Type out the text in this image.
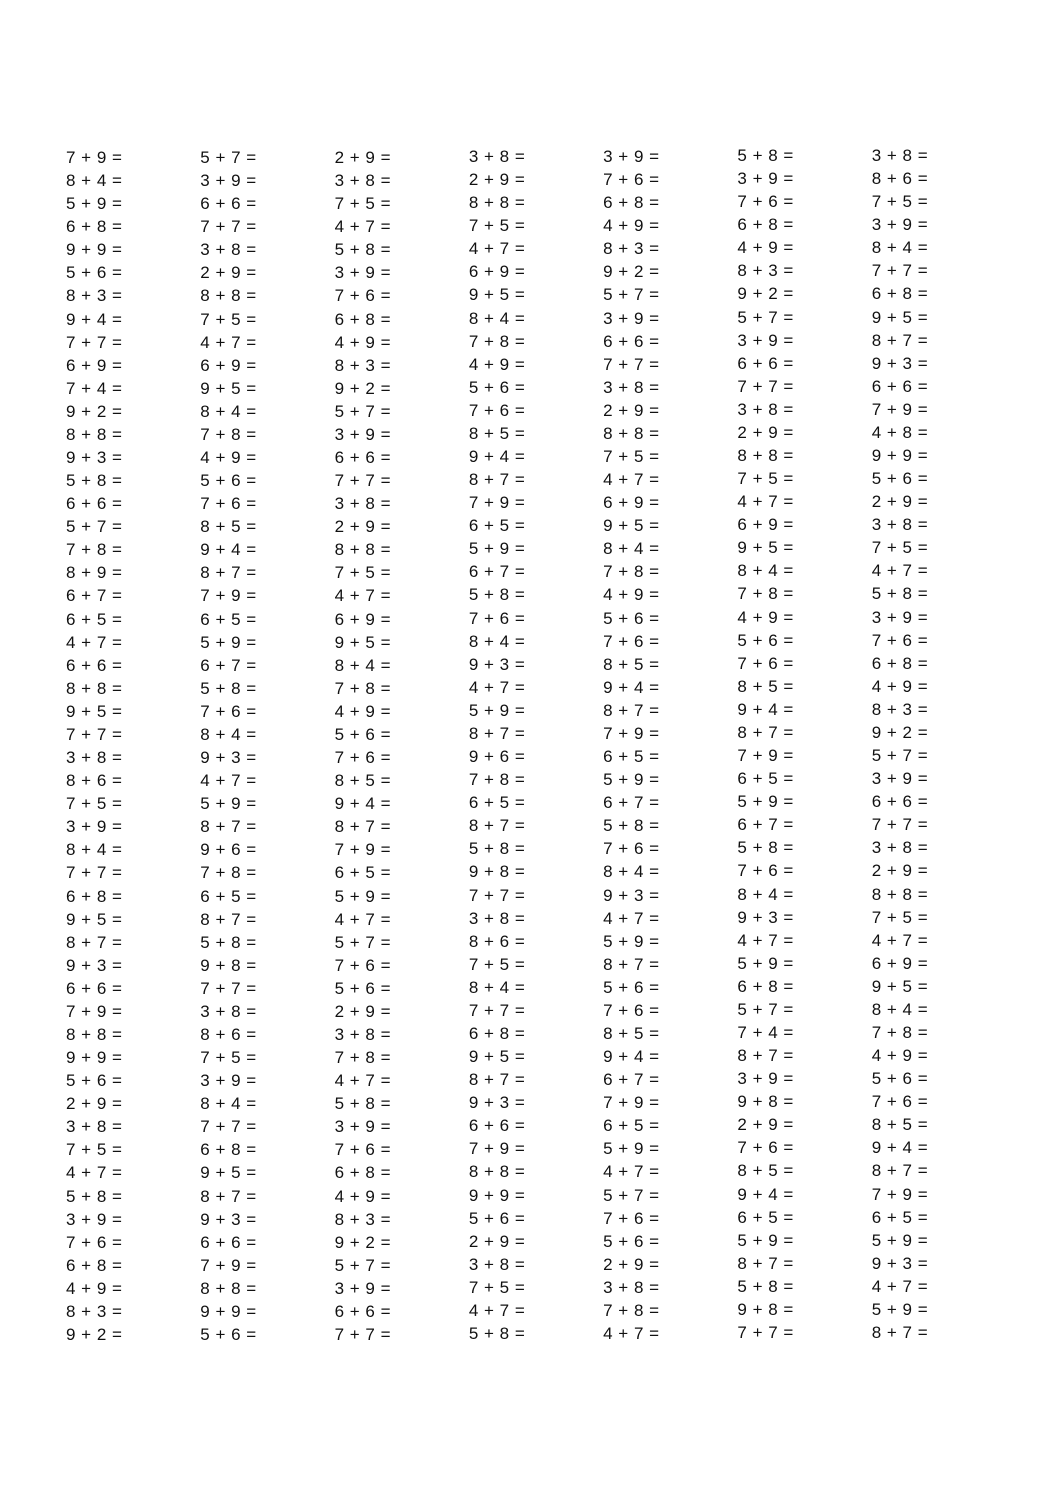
7 + 9 =
8 + 4 =
5 + 9 =
6 + 8 =
9 + 9 =
5 + 6 =
8 + 3 =
9 + 4 =
7 + 7 =
6 + 9 =
7 + 4 =
9 + 2 =
8 + 8 =
9 + 3 =
5 + 8 =
6 + 6 =
5 + 7 =
7 + 8 =
8 + 9 =
6 + 7 =
6 + 5 =
4 + 7 =
6 + 6 =
8 + 8 =
9 + 5 =
7 + 7 =
3 + 8 =
8 + 6 =
7 + 5 =
3 + 9 =
8 + 4 =
7 + 7 =
6 + 8 =
9 + 5 =
8 + 7 =
9 + 3 =
6 + 6 =
7 + 9 =
8 + 8 =
9 + 9 =
5 + 6 =
2 + 9 =
3 + 8 =
7 + 5 =
4 + 7 =
5 + 8 =
3 + 9 =
7 + 6 =
6 + 8 =
4 + 9 =
8 + 3 =
9 + 2 =
5 + 7 =
3 + 9 =
6 + 6 =
7 + 7 =
3 + 8 =
2 + 9 =
8 + 8 =
7 + 5 =
4 + 7 =
6 + 9 =
9 + 5 =
8 + 4 =
7 + 8 =
4 + 9 =
5 + 6 =
7 + 6 =
8 + 5 =
9 + 4 =
8 + 7 =
7 + 9 =
6 + 5 =
5 + 9 =
6 + 7 =
5 + 8 =
7 + 6 =
8 + 4 =
9 + 3 =
4 + 7 =
5 + 9 =
8 + 7 =
9 + 6 =
7 + 8 =
6 + 5 =
8 + 7 =
5 + 8 =
9 + 8 =
7 + 7 =
3 + 8 =
8 + 6 =
7 + 5 =
3 + 9 =
8 + 4 =
7 + 7 =
6 + 8 =
9 + 5 =
8 + 7 =
9 + 3 =
6 + 6 =
7 + 9 =
8 + 8 =
9 + 9 =
5 + 6 =
2 + 9 =
3 + 8 =
7 + 5 =
4 + 7 =
5 + 8 =
3 + 9 =
7 + 6 =
6 + 8 =
4 + 9 =
8 + 3 =
9 + 2 =
5 + 7 =
3 + 9 =
6 + 6 =
7 + 7 =
3 + 8 =
2 + 9 =
8 + 8 =
7 + 5 =
4 + 7 =
6 + 9 =
9 + 5 =
8 + 4 =
7 + 8 =
4 + 9 =
5 + 6 =
7 + 6 =
8 + 5 =
9 + 4 =
8 + 7 =
7 + 9 =
6 + 5 =
5 + 9 =
4 + 7 =
5 + 7 =
7 + 6 =
5 + 6 =
2 + 9 =
3 + 8 =
7 + 8 =
4 + 7 =
5 + 8 =
3 + 9 =
7 + 6 =
6 + 8 =
4 + 9 =
8 + 3 =
9 + 2 =
5 + 7 =
3 + 9 =
6 + 6 =
7 + 7 =
3 + 8 =
2 + 9 =
8 + 8 =
7 + 5 =
4 + 7 =
6 + 9 =
9 + 5 =
8 + 4 =
7 + 8 =
4 + 9 =
5 + 6 =
7 + 6 =
8 + 5 =
9 + 4 =
8 + 7 =
7 + 9 =
6 + 5 =
5 + 9 =
6 + 7 =
5 + 8 =
7 + 6 =
8 + 4 =
9 + 3 =
4 + 7 =
5 + 9 =
8 + 7 =
9 + 6 =
7 + 8 =
6 + 5 =
8 + 7 =
5 + 8 =
9 + 8 =
7 + 7 =
3 + 8 =
8 + 6 =
7 + 5 =
8 + 4 =
7 + 7 =
6 + 8 =
9 + 5 =
8 + 7 =
9 + 3 =
6 + 6 =
7 + 9 =
8 + 8 =
9 + 9 =
5 + 6 =
2 + 9 =
3 + 8 =
7 + 5 =
4 + 7 =
5 + 8 =
3 + 9 =
7 + 6 =
6 + 8 =
4 + 9 =
8 + 3 =
9 + 2 =
5 + 7 =
3 + 9 =
6 + 6 =
7 + 7 =
3 + 8 =
2 + 9 =
8 + 8 =
7 + 5 =
4 + 7 =
6 + 9 =
9 + 5 =
8 + 4 =
7 + 8 =
4 + 9 =
5 + 6 =
7 + 6 =
8 + 5 =
9 + 4 =
8 + 7 =
7 + 9 =
6 + 5 =
5 + 9 =
6 + 7 =
5 + 8 =
7 + 6 =
8 + 4 =
9 + 3 =
4 + 7 =
5 + 9 =
8 + 7 =
5 + 6 =
7 + 6 =
8 + 5 =
9 + 4 =
6 + 7 =
7 + 9 =
6 + 5 =
5 + 9 =
4 + 7 =
5 + 7 =
7 + 6 =
5 + 6 =
2 + 9 =
3 + 8 =
7 + 8 =
4 + 7 =
5 + 8 =
3 + 9 =
7 + 6 =
6 + 8 =
4 + 9 =
8 + 3 =
9 + 2 =
5 + 7 =
3 + 9 =
6 + 6 =
7 + 7 =
3 + 8 =
2 + 9 =
8 + 8 =
7 + 5 =
4 + 7 =
6 + 9 =
9 + 5 =
8 + 4 =
7 + 8 =
4 + 9 =
5 + 6 =
7 + 6 =
8 + 5 =
9 + 4 =
8 + 7 =
7 + 9 =
6 + 5 =
5 + 9 =
6 + 7 =
5 + 8 =
7 + 6 =
8 + 4 =
9 + 3 =
4 + 7 =
5 + 9 =
6 + 8 =
5 + 7 =
7 + 4 =
8 + 7 =
3 + 9 =
9 + 8 =
2 + 9 =
7 + 6 =
8 + 5 =
9 + 4 =
6 + 5 =
5 + 9 =
8 + 7 =
5 + 8 =
9 + 8 =
7 + 7 =
3 + 8 =
8 + 6 =
7 + 5 =
3 + 9 =
8 + 4 =
7 + 7 =
6 + 8 =
9 + 5 =
8 + 7 =
9 + 3 =
6 + 6 =
7 + 9 =
4 + 8 =
9 + 9 =
5 + 6 =
2 + 9 =
3 + 8 =
7 + 5 =
4 + 7 =
5 + 8 =
3 + 9 =
7 + 6 =
6 + 8 =
4 + 9 =
8 + 3 =
9 + 2 =
5 + 7 =
3 + 9 =
6 + 6 =
7 + 7 =
3 + 8 =
2 + 9 =
8 + 8 =
7 + 5 =
4 + 7 =
6 + 9 =
9 + 5 =
8 + 4 =
7 + 8 =
4 + 9 =
5 + 6 =
7 + 6 =
8 + 5 =
9 + 4 =
8 + 7 =
7 + 9 =
6 + 5 =
5 + 9 =
9 + 3 =
4 + 7 =
5 + 9 =
8 + 7 =
